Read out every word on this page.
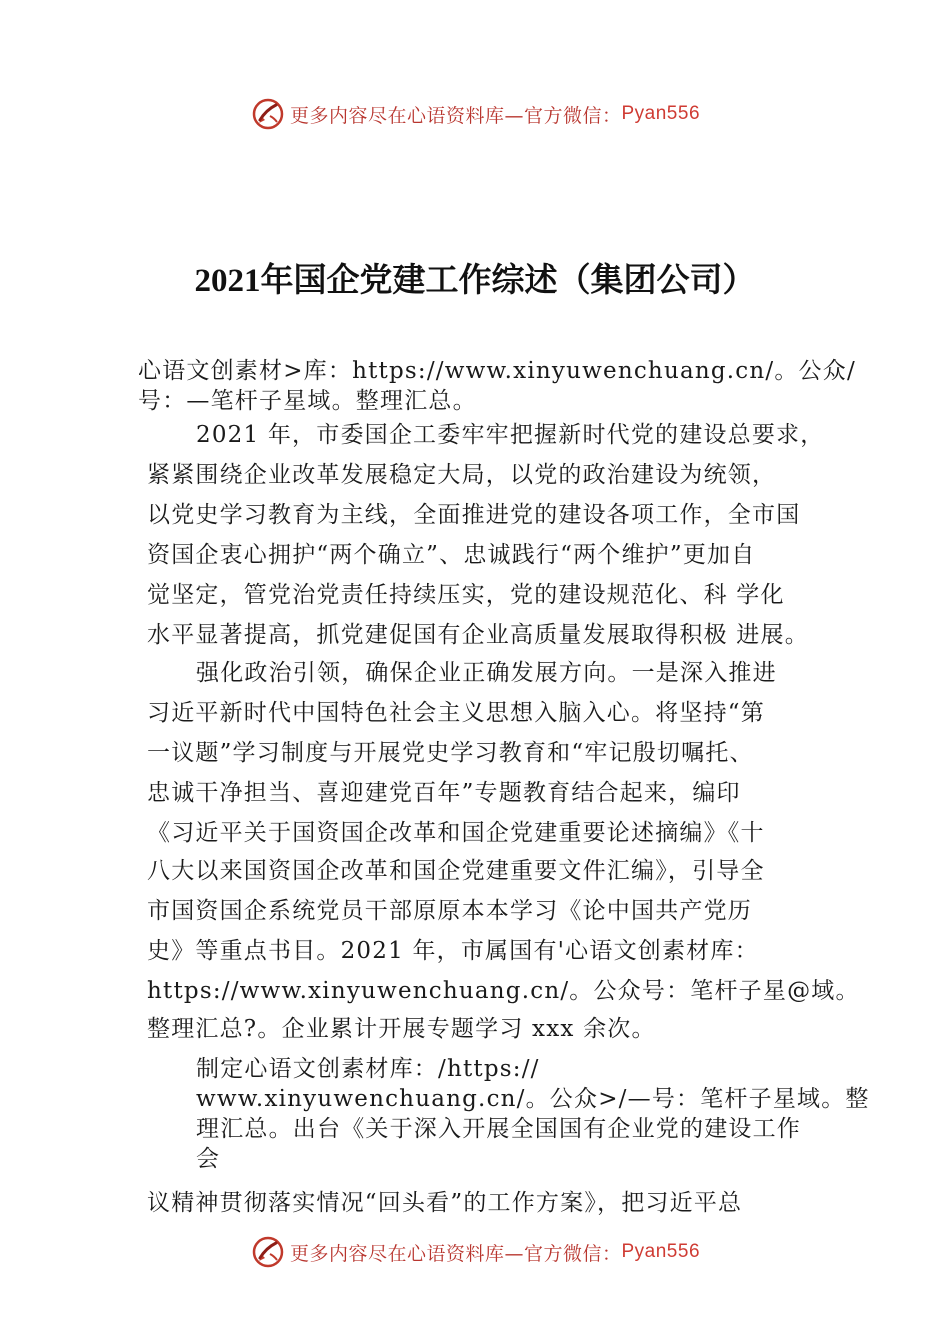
更多内容尽在心语资料库—官方微信： Pyan556
2021年国企党建工作综述（集团公司）
心语文创素材>库：https://www.xinyuwenchuang.cn/。公众/
号：—笔杆子星域。整理汇总。
2021 年，市委国企工委牢牢把握新时代党的建设总要求，
紧紧围绕企业改革发展稳定大局，以党的政治建设为统领，
以党史学习教育为主线，全面推进党的建设各项工作，全市国
资国企衷心拥护“两个确立”、忠诚践行“两个维护”更加自
觉坚定，管党治党责任持续压实，党的建设规范化、科 学化
水平显著提高，抓党建促国有企业高质量发展取得积极 进展。
强化政治引领，确保企业正确发展方向。一是深入推进
习近平新时代中国特色社会主义思想入脑入心。将坚持“第
一议题”学习制度与开展党史学习教育和“牢记殷切嘱托、
忠诚干净担当、喜迎建党百年”专题教育结合起来，编印
《习近平关于国资国企改革和国企党建重要论述摘编》《十
八大以来国资国企改革和国企党建重要文件汇编》，引导全
市国资国企系统党员干部原原本本学习《论中国共产党历
史》等重点书目。2021 年，市属国有'心语文创素材库：
https://www.xinyuwenchuang.cn/。公众号：笔杆子星@域。
整理汇总?。企业累计开展专题学习 xxx 余次。
制定心语文创素材库：/https://
www.xinyuwenchuang.cn/。公众>/—号：笔杆子星域。整
理汇总。出台《关于深入开展全国国有企业党的建设工作
会
议精神贯彻落实情况“回头看”的工作方案》，把习近平总
更多内容尽在心语资料库—官方微信： Pyan556
